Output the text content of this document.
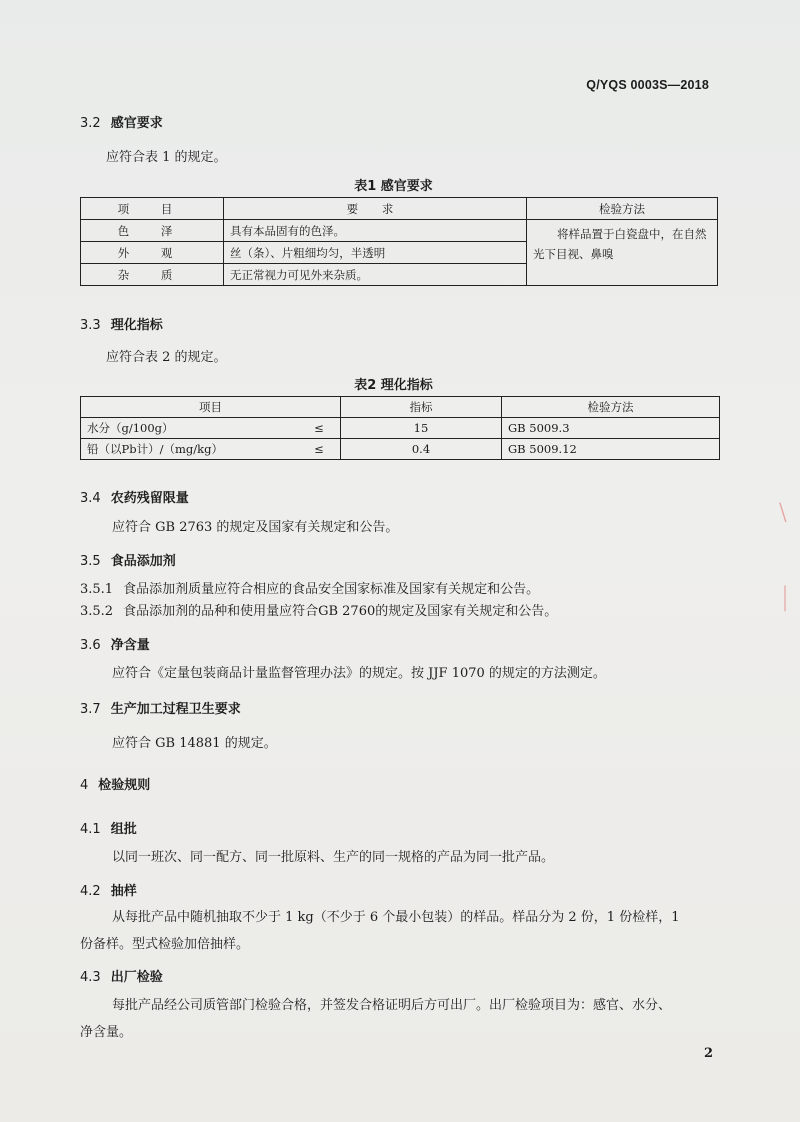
Q/YQS 0003S—2018
3.2 感官要求
应符合表 1 的规定。
表1 感官要求
项 目	要 求	检验方法
色 泽	具有本品固有的色泽。	将样品置于白瓷盘中，在自然光下目视、鼻嗅
外 观	丝（条）、片粗细均匀，半透明	
杂 质	无正常视力可见外来杂质。	
3.3 理化指标
应符合表 2 的规定。
表2 理化指标
项目		指标	检验方法
水分（g/100g）	≤	15	GB 5009.3
铅（以Pb计）/（mg/kg）	≤	0.4	GB 5009.12
3.4 农药残留限量
应符合 GB 2763 的规定及国家有关规定和公告。
3.5 食品添加剂
3.5.1 食品添加剂质量应符合相应的食品安全国家标准及国家有关规定和公告。
3.5.2 食品添加剂的品种和使用量应符合GB 2760的规定及国家有关规定和公告。
3.6 净含量
应符合《定量包装商品计量监督管理办法》的规定。按 JJF 1070 的规定的方法测定。
3.7 生产加工过程卫生要求
应符合 GB 14881 的规定。
4 检验规则
4.1 组批
以同一班次、同一配方、同一批原料、生产的同一规格的产品为同一批产品。
4.2 抽样
从每批产品中随机抽取不少于 1 kg（不少于 6 个最小包装）的样品。样品分为 2 份，1 份检样，1
份备样。型式检验加倍抽样。
4.3 出厂检验
每批产品经公司质管部门检验合格，并签发合格证明后方可出厂。出厂检验项目为：感官、水分、
净含量。
2
﹨
︱
